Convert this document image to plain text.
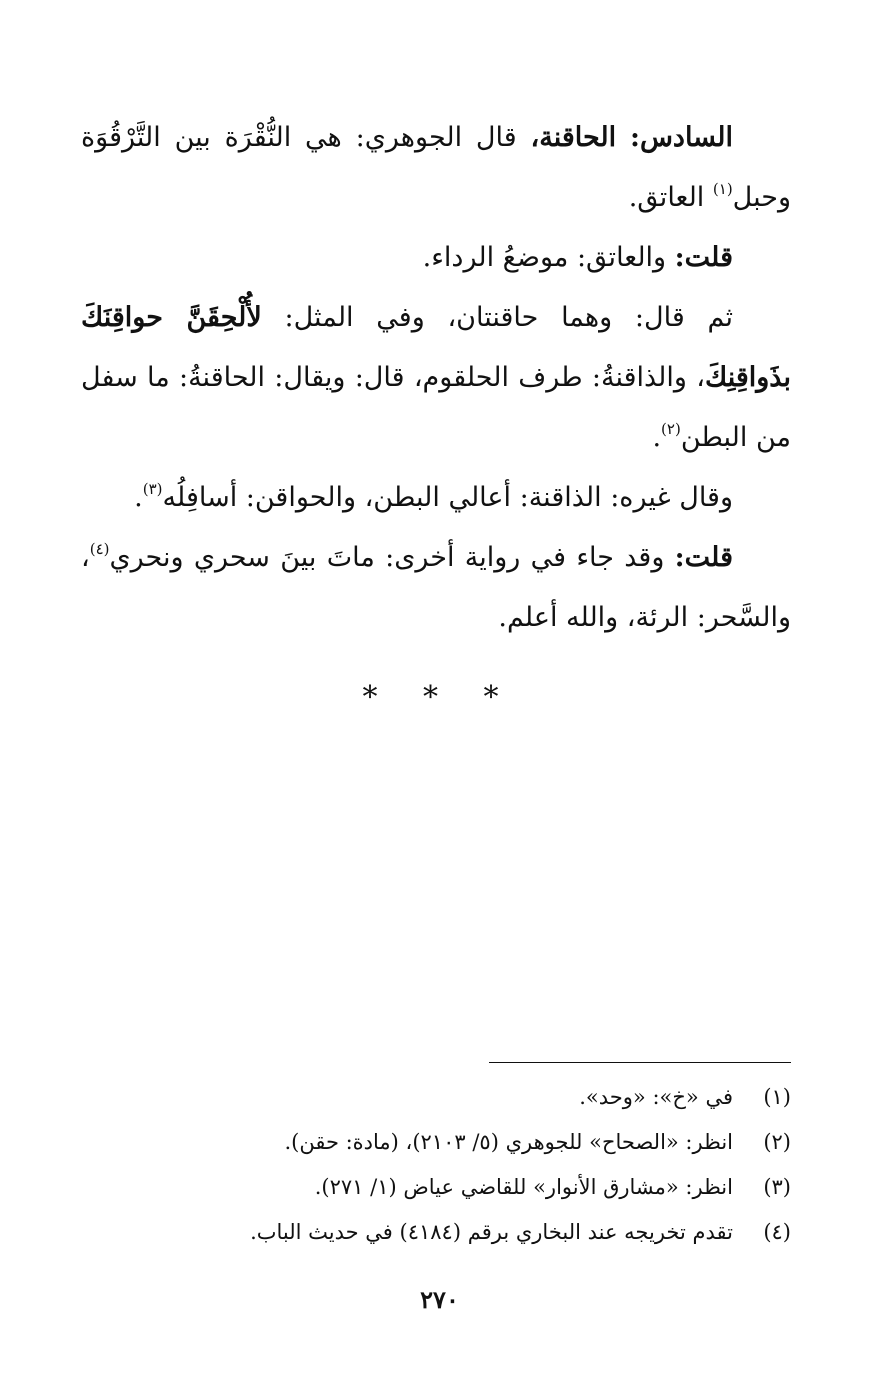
السادس: الحاقنة، قال الجوهري: هي النُّقْرَة بين التَّرْقُوَة وحبل$^{(١)}$ العاتق.

قلت: والعاتق: موضعُ الرداء.

ثم قال: وهما حاقنتان، وفي المثل: لأُلْحِقَنَّ حواقِنَكَ بذَواقِنِكَ، والذاقنةُ: طرف الحلقوم، قال: ويقال: الحاقنةُ: ما سفل من البطن$^{(٢)}$.

وقال غيره: الذاقنة: أعالي البطن، والحواقن: أسافِلُه$^{(٣)}$.

قلت: وقد جاء في رواية أخرى: ماتَ بينَ سحري ونحري$^{(٤)}$، والسَّحر: الرئة، والله أعلم.

* * *
(١)
في «خ»: «وحد».
(٢)
انظر: «الصحاح» للجوهري (٥/ ٢١٠٣)، (مادة: حقن).
(٣)
انظر: «مشارق الأنوار» للقاضي عياض (١/ ٢٧١).
(٤)
تقدم تخريجه عند البخاري برقم (٤١٨٤) في حديث الباب.
٢٧٠
